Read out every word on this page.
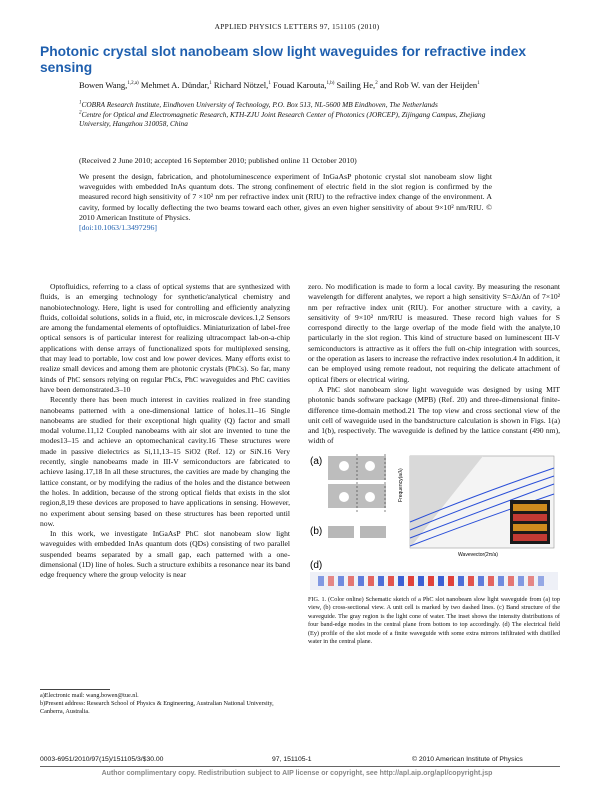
APPLIED PHYSICS LETTERS 97, 151105 (2010)
Photonic crystal slot nanobeam slow light waveguides for refractive index sensing
Bowen Wang,$^{1,2,a)}$ Mehmet A. Dündar,$^1$ Richard Nötzel,$^1$ Fouad Karouta,$^{1,b)}$ Sailing He,$^2$ and Rob W. van der Heijden$^1$
$^1$COBRA Research Institute, Eindhoven University of Technology, P.O. Box 513, NL-5600 MB Eindhoven, The Netherlands
$^2$Centre for Optical and Electromagnetic Research, KTH-ZJU Joint Research Center of Photonics (JORCEP), Zijingang Campus, Zhejiang University, Hangzhou 310058, China
(Received 2 June 2010; accepted 16 September 2010; published online 11 October 2010)
We present the design, fabrication, and photoluminescence experiment of InGaAsP photonic crystal slot nanobeam slow light waveguides with embedded InAs quantum dots. The strong confinement of electric field in the slot region is confirmed by the measured record high sensitivity of 7 ×10² nm per refractive index unit (RIU) to the refractive index change of the environment. A cavity, formed by locally deflecting the two beams toward each other, gives an even higher sensitivity of about 9×10² nm/RIU. © 2010 American Institute of Physics.
[doi:10.1063/1.3497296]

Optofluidics, referring to a class of optical systems that are synthesized with fluids, is an emerging technology for synthetic/analytical chemistry and nanobiotechnology. Here, light is used for controlling and efficiently analyzing fluids, colloidal solutions, solids in a fluid, etc, in microscale devices.1,2 Sensors are among the fundamental elements of optofluidics. Miniaturization of label-free optical sensors is of particular interest for realizing ultracompact lab-on-a-chip applications with dense arrays of functionalized spots for multiplexed sensing, that may lead to portable, low cost and low power devices. Many efforts exist to realize small devices and among them are photonic crystals (PhCs). So far, many kinds of PhC sensors relying on regular PhCs, PhC waveguides and PhC cavities have been demonstrated.3–10

Recently there has been much interest in cavities realized in free standing nanobeams patterned with a one-dimensional lattice of holes.11–16 Single nanobeams are studied for their exceptional high quality (Q) factor and small modal volume.11,12 Coupled nanobeams with air slot are invented to tune the modes13–15 and achieve an optomechanical cavity.16 These structures were made in passive dielectrics as Si,11,13–15 SiO2 (Ref. 12) or SiN.16 Very recently, single nanobeams made in III-V semiconductors are fabricated to achieve lasing.17,18 In all these structures, the cavities are made by changing the lattice constant, or by modifying the radius of the holes and the distance between the holes. In addition, because of the strong optical fields that exists in the slot region,8,19 these devices are proposed to have applications in sensing. However, no experiment about sensing based on these structures has been reported until now.

In this work, we investigate InGaAsP PhC slot nanobeam slow light waveguides with embedded InAs quantum dots (QDs) consisting of two parallel suspended beams separated by a small gap, each patterned with a one-dimensional (1D) line of holes. Such a structure exhibits a resonance near its band edge frequency where the group velocity is near

zero. No modification is made to form a local cavity. By measuring the resonant wavelength for different analytes, we report a high sensitivity S=Δλ/Δn of 7×10² nm per refractive index unit (RIU). For another structure with a cavity, a sensitivity of 9×10² nm/RIU is measured. These record high values for S correspond directly to the large overlap of the mode field with the analyte,10 particularly in the slot region. This kind of structure based on luminescent III-V semiconductors is attractive as it offers the full on-chip integration with sources, or the operation as lasers to increase the refractive index resolution.4 In addition, it can be employed using remote readout, not requiring the delicate attachment of optical fibers or electrical wiring.

A PhC slot nanobeam slow light waveguide was designed by using MIT photonic bands software package (MPB) (Ref. 20) and three-dimensional finite-difference time-domain method.21 The top view and cross sectional view of the unit cell of waveguide used in the bandstructure calculation is shown in Figs. 1(a) and 1(b), respectively. The waveguide is defined by the lattice constant (490 nm), width of

(a)
(b)
Frequency(a/λ)
Wavevector(2π/a)
(d)
FIG. 1. (Color online) Schematic sketch of a PhC slot nanobeam slow light waveguide from (a) top view, (b) cross-sectional view. A unit cell is marked by two dashed lines. (c) Band structure of the waveguide. The gray region is the light cone of water. The inset shows the intensity distributions of four band-edge modes in the central plane from bottom to top accordingly. (d) The electrical field (Ey) profile of the slot mode of a finite waveguide with some extra mirrors infiltrated with distilled water in the central plane.
a)Electronic mail: wang.bowen@tue.nl.
b)Present address: Research School of Physics & Engineering, Australian National University, Canberra, Australia.
0003-6951/2010/97(15)/151105/3/$30.00	97, 151105-1	© 2010 American Institute of Physics
Author complimentary copy. Redistribution subject to AIP license or copyright, see http://apl.aip.org/apl/copyright.jsp
